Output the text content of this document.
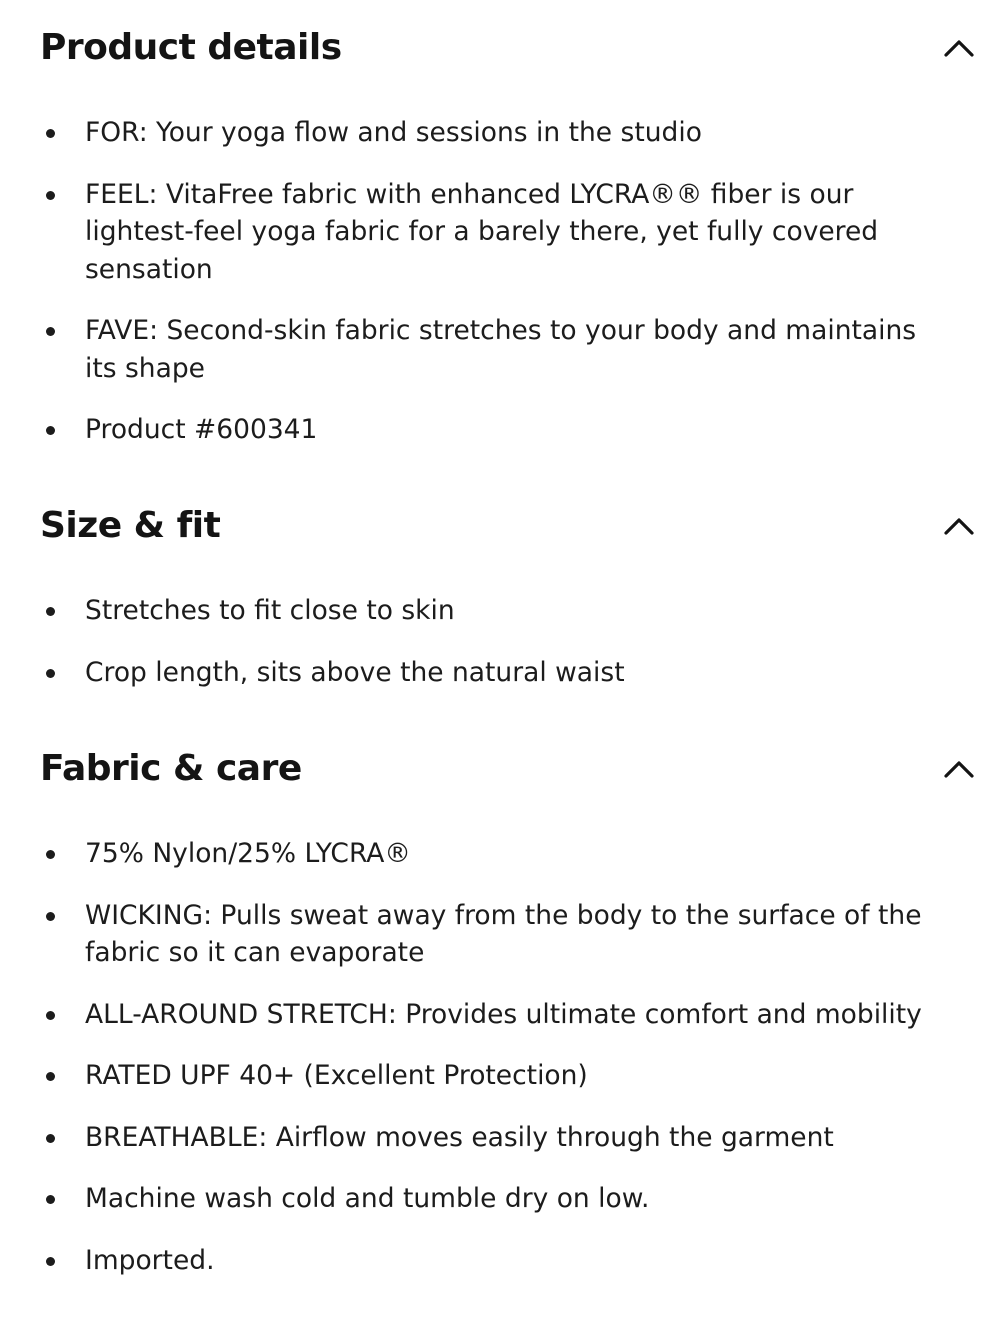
Product details
FOR: Your yoga flow and sessions in the studio
FEEL: VitaFree fabric with enhanced LYCRA®® fiber is our lightest-feel yoga fabric for a barely there, yet fully covered sensation
FAVE: Second-skin fabric stretches to your body and maintains its shape
Product #600341
Size & fit
Stretches to fit close to skin
Crop length, sits above the natural waist
Fabric & care
75% Nylon/25% LYCRA®
WICKING: Pulls sweat away from the body to the surface of the fabric so it can evaporate
ALL-AROUND STRETCH: Provides ultimate comfort and mobility
RATED UPF 40+ (Excellent Protection)
BREATHABLE: Airflow moves easily through the garment
Machine wash cold and tumble dry on low.
Imported.
